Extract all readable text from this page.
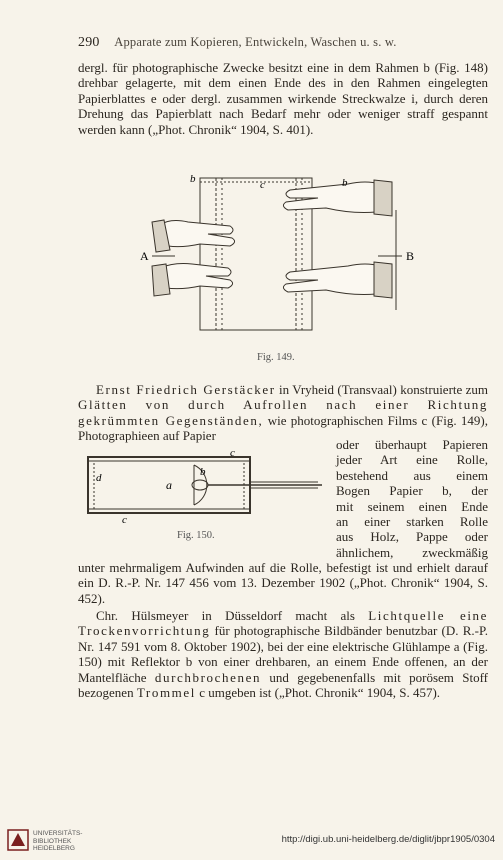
290 Apparate zum Kopieren, Entwickeln, Waschen u. s. w.

dergl. für photographische Zwecke besitzt eine in dem Rahmen b (Fig. 148) drehbar gelagerte, mit dem einen Ende des in den Rahmen eingelegten Papierblattes e oder dergl. zusammen wirkende Streckwalze i, durch deren Drehung das Papierblatt nach Bedarf mehr oder weniger straff gespannt werden kann („Phot. Chronik“ 1904, S. 401).

b	c	b
A	B
Fig. 149.
Ernst Friedrich Gerstäcker in Vryheid (Transvaal) konstruierte zum Glätten von durch Aufrollen nach einer Richtung gekrümmten Gegenständen, wie photographischen Films c (Fig. 149), Photographieen auf Papier
d
c
b
a
c
Fig. 150.
oder überhaupt Papieren
jeder Art eine Rolle,
bestehend aus einem
Bogen Papier b, der
mit seinem einen Ende
an einer starken Rolle
aus Holz, Pappe oder
ähnlichem, zweckmäßig

unter mehrmaligem Aufwinden auf die Rolle, befestigt ist und erhielt darauf ein D. R.-P. Nr. 147 456 vom 13. Dezember 1902 („Phot. Chronik“ 1904, S. 452).

Chr. Hülsmeyer in Düsseldorf macht als Lichtquelle eine Trockenvorrichtung für photographische Bildbänder benutzbar (D. R.-P. Nr. 147 591 vom 8. Oktober 1902), bei der eine elektrische Glühlampe a (Fig. 150) mit Reflektor b von einer drehbaren, an einem Ende offenen, an der Mantelfläche durchbrochenen und gegebenenfalls mit porösem Stoff bezogenen Trommel c umgeben ist („Phot. Chronik“ 1904, S. 457).
UNIVERSITÄTS-
BIBLIOTHEK
HEIDELBERG
http://digi.ub.uni-heidelberg.de/diglit/jbpr1905/0304
